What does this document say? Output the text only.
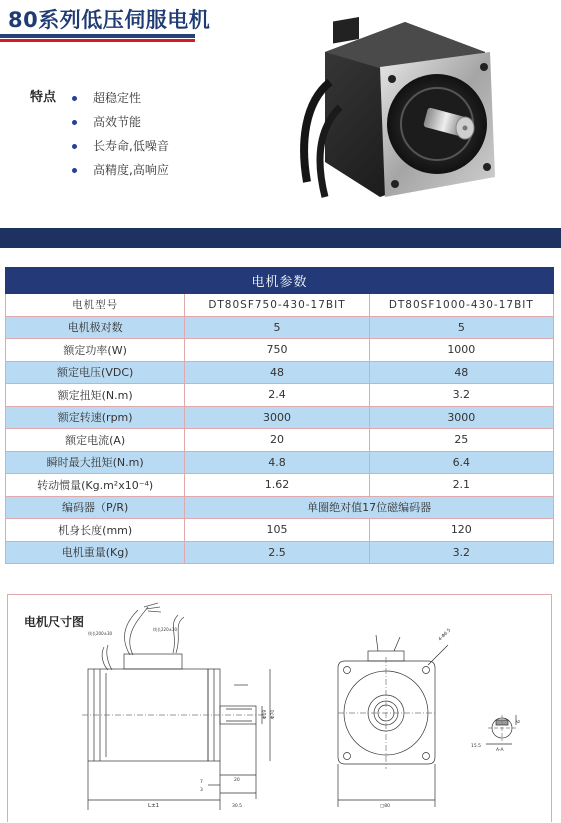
80系列低压伺服电机
特点	超稳定性
高效节能
长寿命,低噪音
高精度,高响应
电机参数		
电机型号	DT80SF750-430-17BIT	DT80SF1000-430-17BIT
电机极对数	5	5
额定功率(W)	750	1000
额定电压(VDC)	48	48
额定扭矩(N.m)	2.4	3.2
额定转速(rpm)	3000	3000
额定电流(A)	20	25
瞬时最大扭矩(N.m)	4.8	6.4
转动惯量(Kg.m²x10⁻⁴)	1.62	2.1
编码器（P/R)	单圈绝对值17位磁编码器	
机身长度(mm)	105	120
电机重量(Kg)	2.5	3.2
电机尺寸图
L±1	30.5
20
3
7
Φ19 Φ70
线长200±30
线长220±30
□80
4-Φ6.5
A-A
15.5
6
